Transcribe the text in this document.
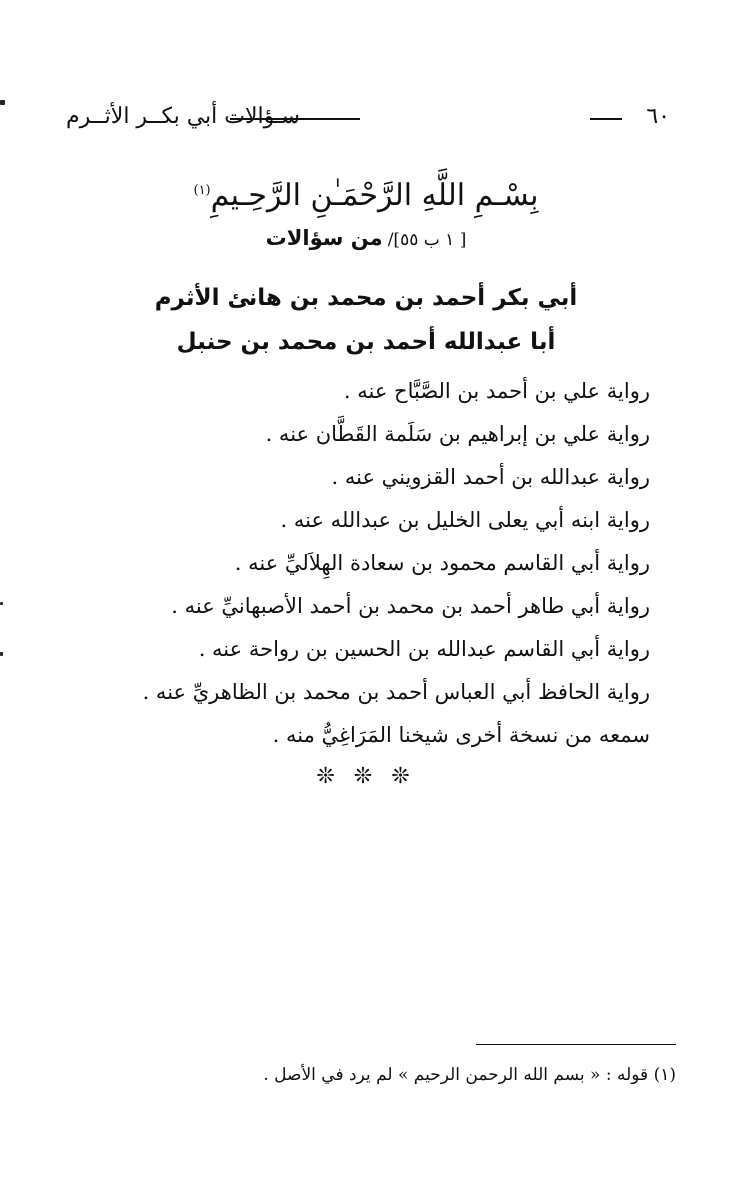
٦٠
سـؤالات أبي بكــر الأثــرم
بِسْـمِ اللَّهِ الرَّحْمَـٰنِ الرَّحِـيمِ$^{(١)}$
[ ١ ب ٥٥]/ من سؤالات
أبي بكر أحمد بن محمد بن هانئ الأثرم
أبا عبدالله أحمد بن محمد بن حنبل
رواية علي بن أحمد بن الصَّبَّاح عنه .
رواية علي بن إبراهيم بن سَلَمة القَطَّان عنه .
رواية عبدالله بن أحمد القزويني عنه .
رواية ابنه أبي يعلى الخليل بن عبدالله عنه .
رواية أبي القاسم محمود بن سعادة الهِلاَليِّ عنه .
رواية أبي طاهر أحمد بن محمد بن أحمد الأصبهانيِّ عنه .
رواية أبي القاسم عبدالله بن الحسين بن رواحة عنه .
رواية الحافظ أبي العباس أحمد بن محمد بن الظاهريِّ عنه .
سمعه من نسخة أخرى شيخنا المَرَاغِيُّ منه .
❊ ❊ ❊
(١) قوله : « بسم الله الرحمن الرحيم » لم يرد في الأصل .
